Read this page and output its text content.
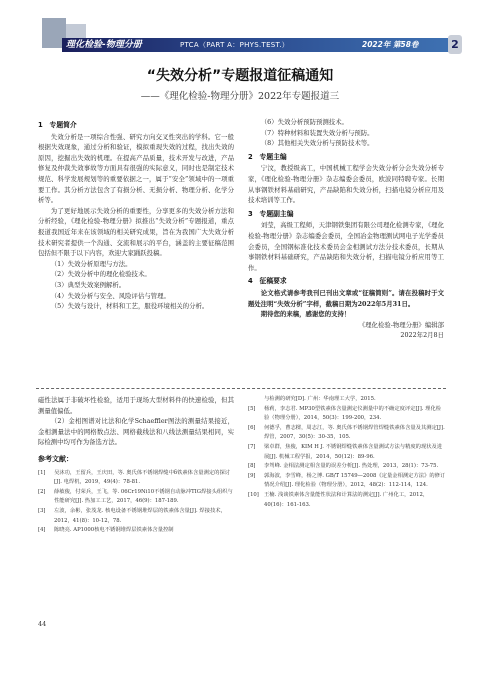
理化检验-物理分册	PTCA（PART A：PHYS.TEST.）	2022年 第58卷	2
“失效分析”专题报道征稿通知
——《理化检验-物理分册》2022年专题报道三
1　专题简介

失效分析是一项综合性强、研究方向交叉性突出的学科。它一般根据失效现象，通过分析和验证，模拟重现失效的过程，找出失效的原因，挖掘出失效的机理。在提高产品质量，技术开发与改进，产品修复及仲裁失效事故等方面具有很强的实际意义，同时也是制定技术规范、科学发展规划等的重要依据之一，属于“安全”领域中的一项重要工作。其分析方法包含了有损分析、无损分析、物理分析、化学分析等。

为了更好地展示失效分析的重要性，分享更多的失效分析方法和分析经验，《理化检验-物理分册》拟推出“失效分析”专题报道，重点报道我国近年来在该领域的相关研究成果，旨在为我国广大失效分析技术研究者提供一个沟通、交流和展示的平台，涵盖的主要征稿范围包括但不限于以下内容，欢迎大家踊跃投稿。

（1）失效分析原理与方法。

（2）失效分析中的理化检验技术。

（3）典型失效案例解析。

（4）失效分析与安全、风险评估与管理。

（5）失效与设计，材料和工艺，服役环境相关的分析。

（6）失效分析预防预测技术。

（7）特种材料和装置失效分析与预防。

（8）其他相关失效分析与预防技术等。

2　专题主编

宁汶，教授级高工，中国机械工程学会失效分析分会失效分析专家，《理化检验-物理分册》杂志编委会委员，欧波同特聘专家。长期从事钢铁材料基础研究，产品缺陷和失效分析，扫描电镜分析应用及技术培训等工作。

3　专题副主编

刘莹，高级工程师，天津钢铁集团有限公司理化检测专家，《理化检验-物理分册》杂志编委会委员，全国冶金物理测试网电子光学委员会委员，全国钢标准化技术委员会金相测试方法分技术委员，长期从事钢铁材料基础研究，产品缺陷和失效分析，扫描电镜分析应用等工作。

4　征稿要求

论文格式请参考我刊已刊出文章或“征稿简则”。请在投稿时于文题处注明“失效分析”字样，截稿日期为2022年5月31日。

期待您的来稿，感谢您的支持！

《理化检验-物理分册》编辑部

2022年2月8日

磁性法属于非破坏性检验，适用于现场大型材料件的快速检验，但其测量值偏低。

（2）金相图谱对比法和化学Schaeffler图法的测量结果接近，金相测量法中的网格数点法、网格截线法和八线法测量结果相同，实际检测中均可作为备选方法。

参考文献：
[1]	吴沐功，王留兵，王庆田，等. 奥氏体不锈钢焊缝中δ铁素体含量测定的探讨[J]. 电焊机，2019，49(4)：78-81.
[2]	薛敏俊，付荣兵，王飞，等. 06Cr19Ni10不锈钢自动脉冲TIG焊接头组织与性能研究[J]. 热加工工艺，2017，46(9)：187-189.
[3]	左波，余彬，张茂龙. 核电设备不锈钢堆焊层的铁素体含量[J]. 焊接技术，2012，41(8)：10-12，78.
[4]	陈晓亮. AP1000核电不锈钢堆焊层铁素体含量控制
与检测的研究[D]. 广州：华南理工大学，2015.
[5]	杨莉，李志君. MP30型铁素体含量测定仪测量中的不确定度评定[J]. 理化检验（物理分册），2014，50(3)：199-200，234.
[6]	何德孚，曹志樑，周志江，等. 奥氏体不锈钢焊管焊缝铁素体含量及其测定[J]. 焊管，2007，30(5)：30-35，105.
[7]	梁卓群，焦俊，KIM H J. 不锈钢焊缝铁素体含量测试方法与精度的现状及进展[J]. 机械工程学报，2014，50(12)：89-96.
[8]	李驾峰. 金相法测定相含量的误差分析[J]. 热处理，2013，28(1)：73-75.
[9]	郭海波，李雪峰，杨之博. GB/T 15749—2008《定量金相测定方法》的修订情况介绍[J]. 理化检验（物理分册），2012，48(2)：112-114，124.
[10] 王楠. 浅谈铁素体含量能性状法和计算法的测定[J]. 广州化工，2012，40(16)：161-163.
44
